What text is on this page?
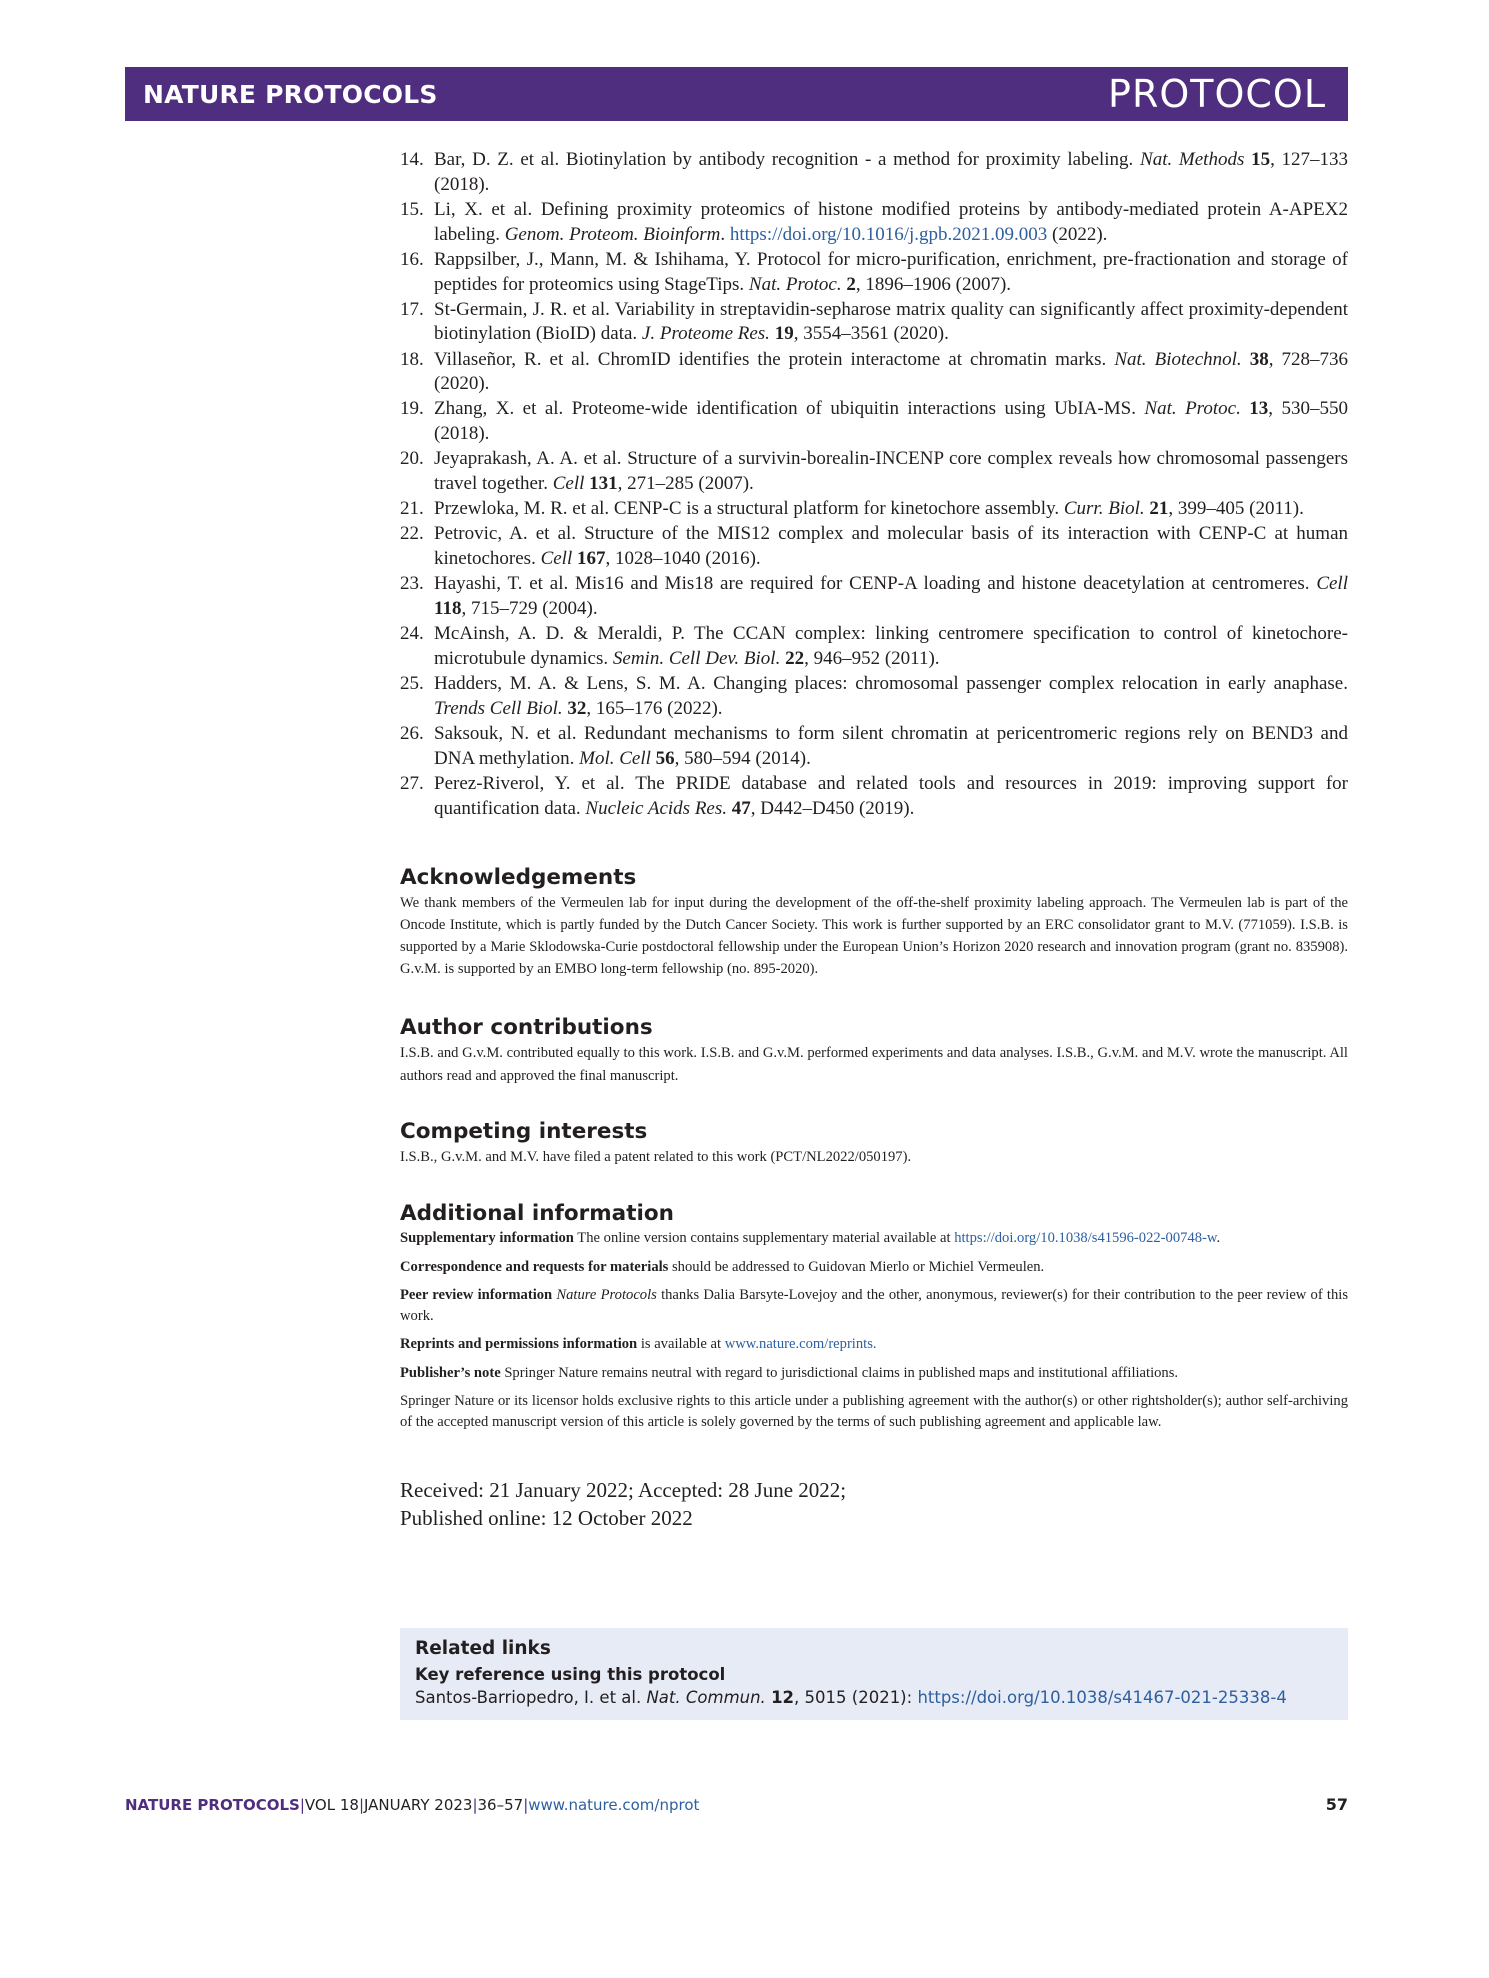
NATURE PROTOCOLS	PROTOCOL
14. Bar, D. Z. et al. Biotinylation by antibody recognition - a method for proximity labeling. Nat. Methods 15, 127–133 (2018).
15. Li, X. et al. Defining proximity proteomics of histone modified proteins by antibody-mediated protein A-APEX2 labeling. Genom. Proteom. Bioinform. https://doi.org/10.1016/j.gpb.2021.09.003 (2022).
16. Rappsilber, J., Mann, M. & Ishihama, Y. Protocol for micro-purification, enrichment, pre-fractionation and storage of peptides for proteomics using StageTips. Nat. Protoc. 2, 1896–1906 (2007).
17. St-Germain, J. R. et al. Variability in streptavidin-sepharose matrix quality can significantly affect proximity-dependent biotinylation (BioID) data. J. Proteome Res. 19, 3554–3561 (2020).
18. Villaseñor, R. et al. ChromID identifies the protein interactome at chromatin marks. Nat. Biotechnol. 38, 728–736 (2020).
19. Zhang, X. et al. Proteome-wide identification of ubiquitin interactions using UbIA-MS. Nat. Protoc. 13, 530–550 (2018).
20. Jeyaprakash, A. A. et al. Structure of a survivin-borealin-INCENP core complex reveals how chromosomal passengers travel together. Cell 131, 271–285 (2007).
21. Przewloka, M. R. et al. CENP-C is a structural platform for kinetochore assembly. Curr. Biol. 21, 399–405 (2011).
22. Petrovic, A. et al. Structure of the MIS12 complex and molecular basis of its interaction with CENP-C at human kinetochores. Cell 167, 1028–1040 (2016).
23. Hayashi, T. et al. Mis16 and Mis18 are required for CENP-A loading and histone deacetylation at centromeres. Cell 118, 715–729 (2004).
24. McAinsh, A. D. & Meraldi, P. The CCAN complex: linking centromere specification to control of kinetochore-microtubule dynamics. Semin. Cell Dev. Biol. 22, 946–952 (2011).
25. Hadders, M. A. & Lens, S. M. A. Changing places: chromosomal passenger complex relocation in early anaphase. Trends Cell Biol. 32, 165–176 (2022).
26. Saksouk, N. et al. Redundant mechanisms to form silent chromatin at pericentromeric regions rely on BEND3 and DNA methylation. Mol. Cell 56, 580–594 (2014).
27. Perez-Riverol, Y. et al. The PRIDE database and related tools and resources in 2019: improving support for quantification data. Nucleic Acids Res. 47, D442–D450 (2019).
Acknowledgements

We thank members of the Vermeulen lab for input during the development of the off-the-shelf proximity labeling approach. The Vermeulen lab is part of the Oncode Institute, which is partly funded by the Dutch Cancer Society. This work is further supported by an ERC consolidator grant to M.V. (771059). I.S.B. is supported by a Marie Sklodowska-Curie postdoctoral fellowship under the European Union’s Horizon 2020 research and innovation program (grant no. 835908). G.v.M. is supported by an EMBO long-term fellowship (no. 895-2020).

Author contributions

I.S.B. and G.v.M. contributed equally to this work. I.S.B. and G.v.M. performed experiments and data analyses. I.S.B., G.v.M. and M.V. wrote the manuscript. All authors read and approved the final manuscript.

Competing interests

I.S.B., G.v.M. and M.V. have filed a patent related to this work (PCT/NL2022/050197).

Additional information

Supplementary information The online version contains supplementary material available at https://doi.org/10.1038/s41596-022-00748-w.

Correspondence and requests for materials should be addressed to Guidovan Mierlo or Michiel Vermeulen.

Peer review information Nature Protocols thanks Dalia Barsyte-Lovejoy and the other, anonymous, reviewer(s) for their contribution to the peer review of this work.

Reprints and permissions information is available at www.nature.com/reprints.

Publisher’s note Springer Nature remains neutral with regard to jurisdictional claims in published maps and institutional affiliations.

Springer Nature or its licensor holds exclusive rights to this article under a publishing agreement with the author(s) or other rightsholder(s); author self-archiving of the accepted manuscript version of this article is solely governed by the terms of such publishing agreement and applicable law.

Received: 21 January 2022; Accepted: 28 June 2022;
Published online: 12 October 2022

Related links
Key reference using this protocol
Santos-Barriopedro, I. et al. Nat. Commun. 12, 5015 (2021): https://doi.org/10.1038/s41467-021-25338-4
NATURE PROTOCOLS|VOL 18|JANUARY 2023|36–57|www.nature.com/nprot	57
